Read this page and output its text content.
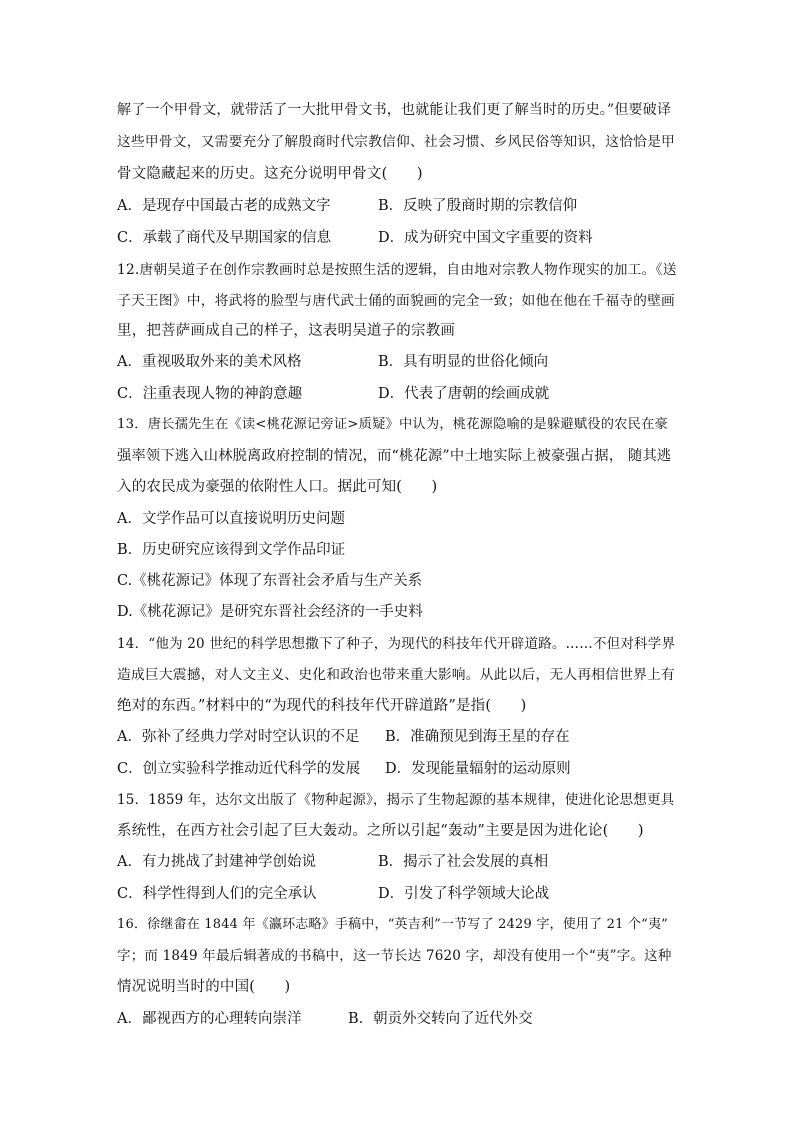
解了一个甲骨文，就带活了一大批甲骨文书，也就能让我们更了解当时的历史。”但要破译
这些甲骨文，又需要充分了解殷商时代宗教信仰、社会习惯、乡风民俗等知识，这恰恰是甲
骨文隐藏起来的历史。这充分说明甲骨文(　　)
A．是现存中国最古老的成熟文字	B．反映了殷商时期的宗教信仰
C．承载了商代及早期国家的信息	D．成为研究中国文字重要的资料
12.唐朝吴道子在创作宗教画时总是按照生活的逻辑，自由地对宗教人物作现实的加工。《送
子天王图》中，将武将的脸型与唐代武士俑的面貌画的完全一致；如他在他在千福寺的壁画
里，把菩萨画成自己的样子，这表明吴道子的宗教画
A．重视吸取外来的美术风格	B．具有明显的世俗化倾向
C．注重表现人物的神韵意趣	D．代表了唐朝的绘画成就
13．唐长孺先生在《读<桃花源记旁证>质疑》中认为，桃花源隐喻的是躲避赋役的农民在豪
强率领下逃入山林脱离政府控制的情况，而“桃花源”中土地实际上被豪强占据， 随其逃
入的农民成为豪强的依附性人口。据此可知(　　)
A．文学作品可以直接说明历史问题
B．历史研究应该得到文学作品印证
C.《桃花源记》体现了东晋社会矛盾与生产关系
D.《桃花源记》是研究东晋社会经济的一手史料
14．“他为 20 世纪的科学思想撒下了种子，为现代的科技年代开辟道路。……不但对科学界
造成巨大震撼，对人文主义、史化和政治也带来重大影响。从此以后，无人再相信世界上有
绝对的东西。”材料中的“为现代的科技年代开辟道路”是指(　　)
A．弥补了经典力学对时空认识的不足 B．准确预见到海王星的存在
C．创立实验科学推动近代科学的发展 D．发现能量辐射的运动原则
15．1859 年，达尔文出版了《物种起源》，揭示了生物起源的基本规律，使进化论思想更具
系统性，在西方社会引起了巨大轰动。之所以引起“轰动”主要是因为进化论(　　)
A．有力挑战了封建神学创始说	B．揭示了社会发展的真相
C．科学性得到人们的完全承认	D．引发了科学领域大论战
16．徐继畲在 1844 年《瀛环志略》手稿中，“英吉利”一节写了 2429 字，使用了 21 个“夷”
字；而 1849 年最后辑著成的书稿中，这一节长达 7620 字，却没有使用一个“夷”字。这种
情况说明当时的中国(　　)
A．鄙视西方的心理转向崇洋	B．朝贡外交转向了近代外交
